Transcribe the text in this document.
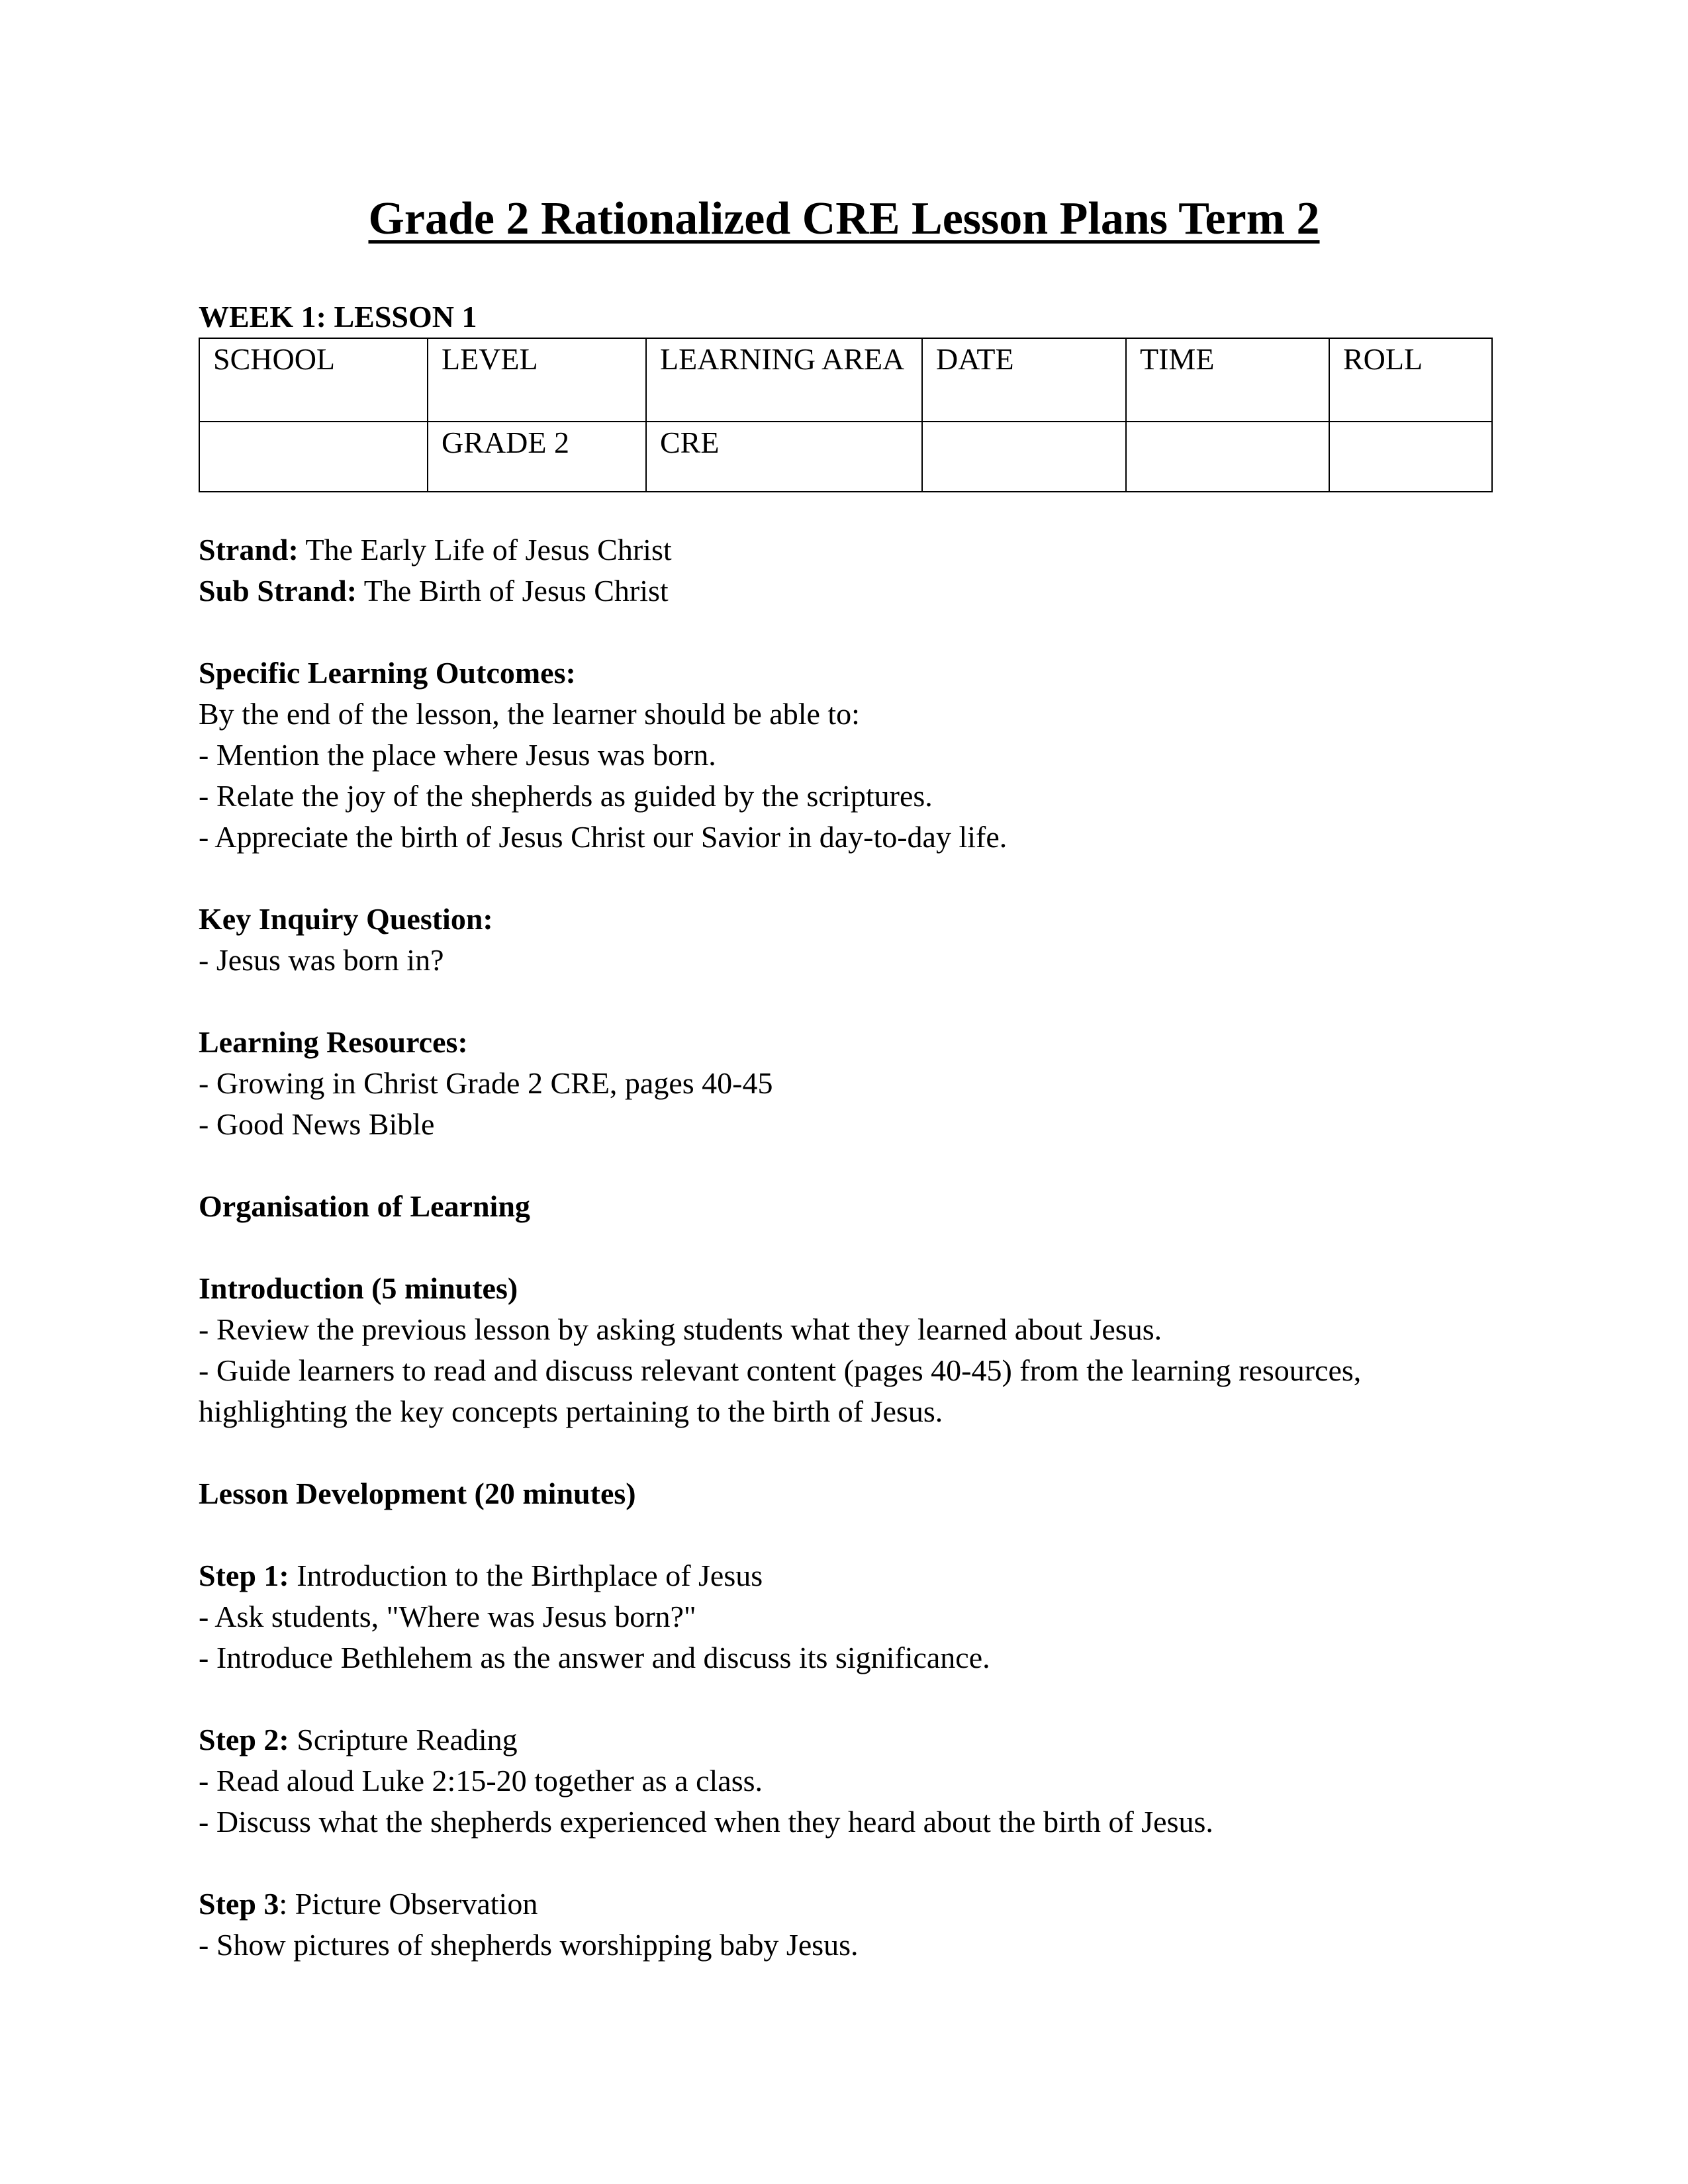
Grade 2 Rationalized CRE Lesson Plans Term 2

WEEK 1: LESSON 1

SCHOOL	LEVEL	LEARNING AREA	DATE	TIME	ROLL
	GRADE 2	CRE			

Strand: The Early Life of Jesus Christ

Sub Strand: The Birth of Jesus Christ

Specific Learning Outcomes:

By the end of the lesson, the learner should be able to:

- Mention the place where Jesus was born.

- Relate the joy of the shepherds as guided by the scriptures.

- Appreciate the birth of Jesus Christ our Savior in day-to-day life.

Key Inquiry Question:

- Jesus was born in?

Learning Resources:

- Growing in Christ Grade 2 CRE, pages 40-45

- Good News Bible

Organisation of Learning

Introduction (5 minutes)

- Review the previous lesson by asking students what they learned about Jesus.

- Guide learners to read and discuss relevant content (pages 40-45) from the learning resources, highlighting the key concepts pertaining to the birth of Jesus.

Lesson Development (20 minutes)

Step 1: Introduction to the Birthplace of Jesus

- Ask students, "Where was Jesus born?"

- Introduce Bethlehem as the answer and discuss its significance.

Step 2: Scripture Reading

- Read aloud Luke 2:15-20 together as a class.

- Discuss what the shepherds experienced when they heard about the birth of Jesus.

Step 3: Picture Observation

- Show pictures of shepherds worshipping baby Jesus.
